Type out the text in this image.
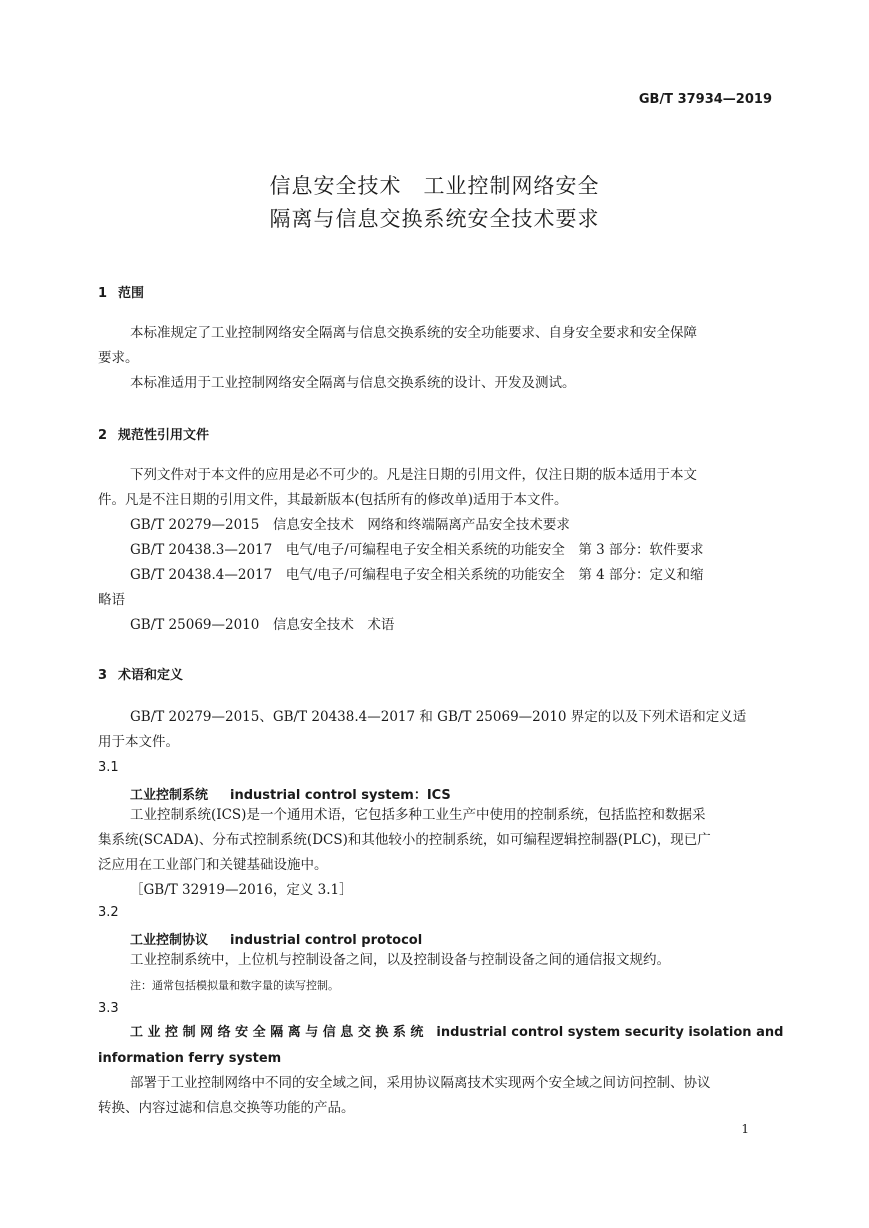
GB/T 37934—2019
信息安全技术　工业控制网络安全
隔离与信息交换系统安全技术要求
1 范围
本标准规定了工业控制网络安全隔离与信息交换系统的安全功能要求、自身安全要求和安全保障
要求。
本标准适用于工业控制网络安全隔离与信息交换系统的设计、开发及测试。
2 规范性引用文件
下列文件对于本文件的应用是必不可少的。凡是注日期的引用文件，仅注日期的版本适用于本文
件。凡是不注日期的引用文件，其最新版本(包括所有的修改单)适用于本文件。
GB/T 20279—2015　信息安全技术　网络和终端隔离产品安全技术要求
GB/T 20438.3—2017　电气/电子/可编程电子安全相关系统的功能安全　第 3 部分：软件要求
GB/T 20438.4—2017　电气/电子/可编程电子安全相关系统的功能安全　第 4 部分：定义和缩
略语
GB/T 25069—2010　信息安全技术　术语
3 术语和定义
GB/T 20279—2015、GB/T 20438.4—2017 和 GB/T 25069—2010 界定的以及下列术语和定义适
用于本文件。
3.1
工业控制系统 industrial control system：ICS
工业控制系统(ICS)是一个通用术语，它包括多种工业生产中使用的控制系统，包括监控和数据采
集系统(SCADA)、分布式控制系统(DCS)和其他较小的控制系统，如可编程逻辑控制器(PLC)，现已广
泛应用在工业部门和关键基础设施中。
［GB/T 32919—2016，定义 3.1］
3.2
工业控制协议 industrial control protocol
工业控制系统中，上位机与控制设备之间，以及控制设备与控制设备之间的通信报文规约。
注：通常包括模拟量和数字量的读写控制。
3.3
工 业 控 制 网 络 安 全 隔 离 与 信 息 交 换 系 统　industrial control system security isolation and
information ferry system
部署于工业控制网络中不同的安全域之间，采用协议隔离技术实现两个安全域之间访问控制、协议
转换、内容过滤和信息交换等功能的产品。
1
